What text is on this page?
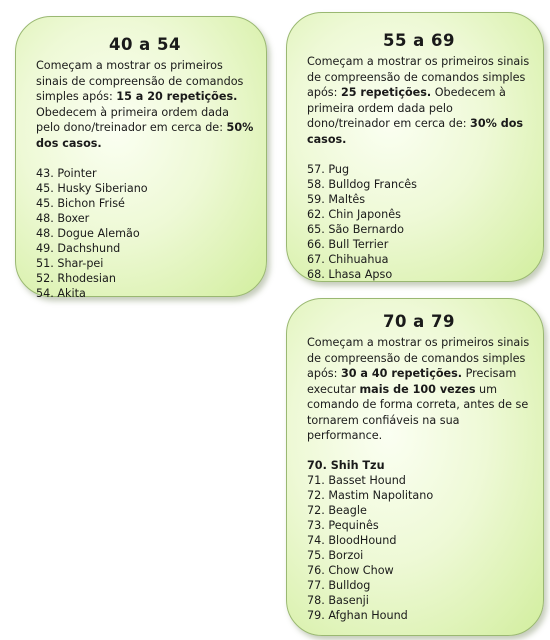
40 a 54
Começam a mostrar os primeiros sinais de compreensão de comandos simples após: 15 a 20 repetições. Obedecem à primeira ordem dada pelo dono/treinador em cerca de: 50% dos casos.
43. Pointer
45. Husky Siberiano
45. Bichon Frisé
48. Boxer
48. Dogue Alemão
49. Dachshund
51. Shar-pei
52. Rhodesian
54. Akita
55 a 69
Começam a mostrar os primeiros sinais de compreensão de comandos simples após: 25 repetições. Obedecem à primeira ordem dada pelo dono/treinador em cerca de: 30% dos casos.
57. Pug
58. Bulldog Francês
59. Maltês
62. Chin Japonês
65. São Bernardo
66. Bull Terrier
67. Chihuahua
68. Lhasa Apso
70 a 79
Começam a mostrar os primeiros sinais de compreensão de comandos simples após: 30 a 40 repetições. Precisam executar mais de 100 vezes um comando de forma correta, antes de se tornarem confiáveis na sua performance.
70. Shih Tzu
71. Basset Hound
72. Mastim Napolitano
72. Beagle
73. Pequinês
74. BloodHound
75. Borzoi
76. Chow Chow
77. Bulldog
78. Basenji
79. Afghan Hound
